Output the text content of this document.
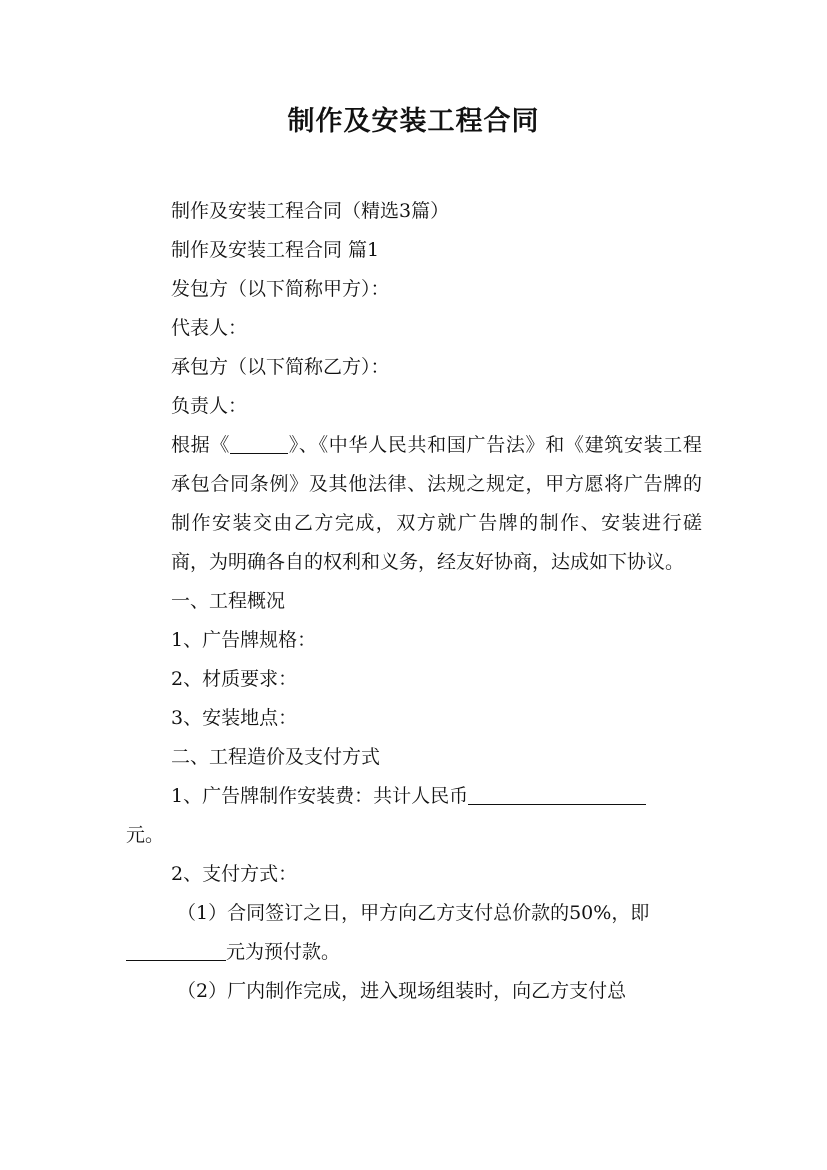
制作及安装工程合同

制作及安装工程合同（精选3篇）

制作及安装工程合同 篇1

发包方（以下简称甲方）：

代表人：

承包方（以下简称乙方）：

负责人：

根据《	》、《中华人民共和国广告法》和《建筑安装工程承包合同条例》及其他法律、法规之规定，甲方愿将广告牌的制作安装交由乙方完成，双方就广告牌的制作、安装进行磋商，为明确各自的权利和义务，经友好协商，达成如下协议。

一、工程概况

1、广告牌规格：

2、材质要求：

3、安装地点：

二、工程造价及支付方式

1、广告牌制作安装费：共计人民币

元。

2、支付方式：

（1）合同签订之日，甲方向乙方支付总价款的50%，即

元为预付款。

（2）厂内制作完成，进入现场组装时，向乙方支付总
